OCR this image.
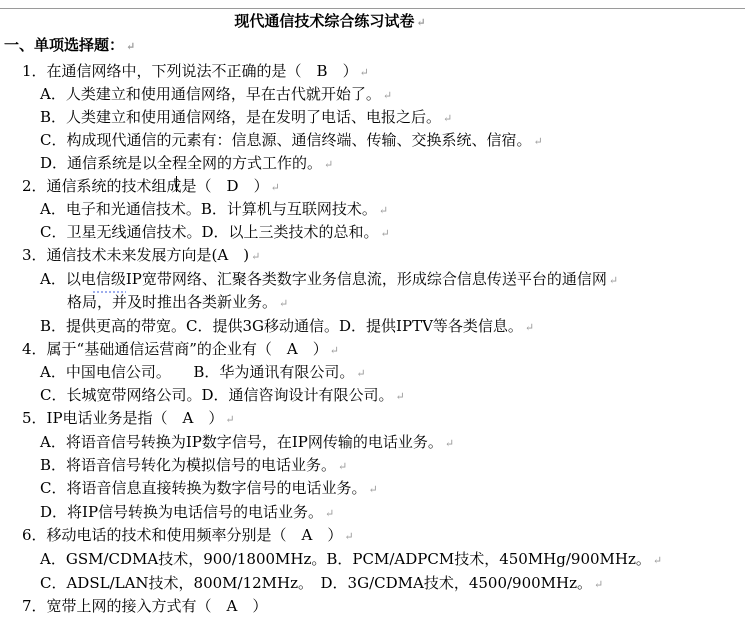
现代通信技术综合练习试卷 ↵
一、单项选择题： ↵
1．在通信网络中，下列说法不正确的是（　B　） ↵
A．人类建立和使用通信网络，早在古代就开始了。 ↵
B．人类建立和使用通信网络，是在发明了电话、电报之后。 ↵
C．构成现代通信的元素有：信息源、通信终端、传输、交换系统、信宿。 ↵
D．通信系统是以全程全网的方式工作的。 ↵
2．通信系统的技术组成是（　D　） ↵
A．电子和光通信技术。B．计算机与互联网技术。 ↵
C．卫星无线通信技术。D．以上三类技术的总和。 ↵
3．通信技术未来发展方向是(A　) ↵
A．以电信级IP宽带网络、汇聚各类数字业务信息流，形成综合信息传送平台的通信网 ↵
格局，并及时推出各类新业务。 ↵
B．提供更高的带宽。C．提供3G移动通信。D．提供IPTV等各类信息。 ↵
4．属于“基础通信运营商”的企业有（　A　） ↵
A．中国电信公司。　　B．华为通讯有限公司。 ↵
C．长城宽带网络公司。D．通信咨询设计有限公司。 ↵
5．IP电话业务是指（　A　） ↵
A．将语音信号转换为IP数字信号，在IP网传输的电话业务。 ↵
B．将语音信号转化为模拟信号的电话业务。 ↵
C．将语音信息直接转换为数字信号的电话业务。 ↵
D．将IP信号转换为电话信号的电话业务。 ↵
6．移动电话的技术和使用频率分别是（　A　） ↵
A．GSM/CDMA技术，900/1800MHz。B．PCM/ADPCM技术，450MHg/900MHz。 ↵
C．ADSL/LAN技术，800M/12MHz。　D．3G/CDMA技术，4500/900MHz。 ↵
7．宽带上网的接入方式有（　A　）
